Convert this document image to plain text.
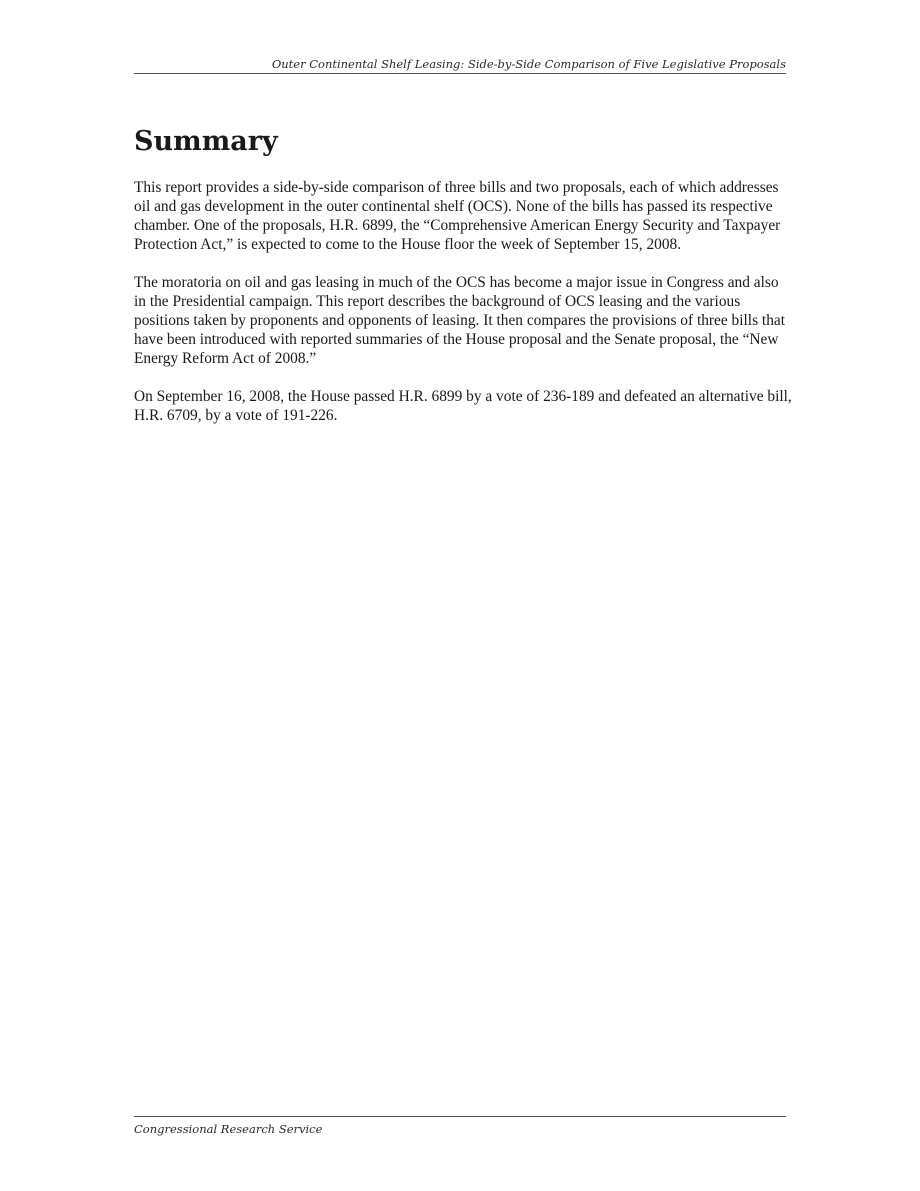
Outer Continental Shelf Leasing: Side-by-Side Comparison of Five Legislative Proposals
Summary

This report provides a side-by-side comparison of three bills and two proposals, each of which addresses oil and gas development in the outer continental shelf (OCS). None of the bills has passed its respective chamber. One of the proposals, H.R. 6899, the “Comprehensive American Energy Security and Taxpayer Protection Act,” is expected to come to the House floor the week of September 15, 2008.

The moratoria on oil and gas leasing in much of the OCS has become a major issue in Congress and also in the Presidential campaign. This report describes the background of OCS leasing and the various positions taken by proponents and opponents of leasing. It then compares the provisions of three bills that have been introduced with reported summaries of the House proposal and the Senate proposal, the “New Energy Reform Act of 2008.”

On September 16, 2008, the House passed H.R. 6899 by a vote of 236-189 and defeated an alternative bill, H.R. 6709, by a vote of 191-226.

Congressional Research Service
